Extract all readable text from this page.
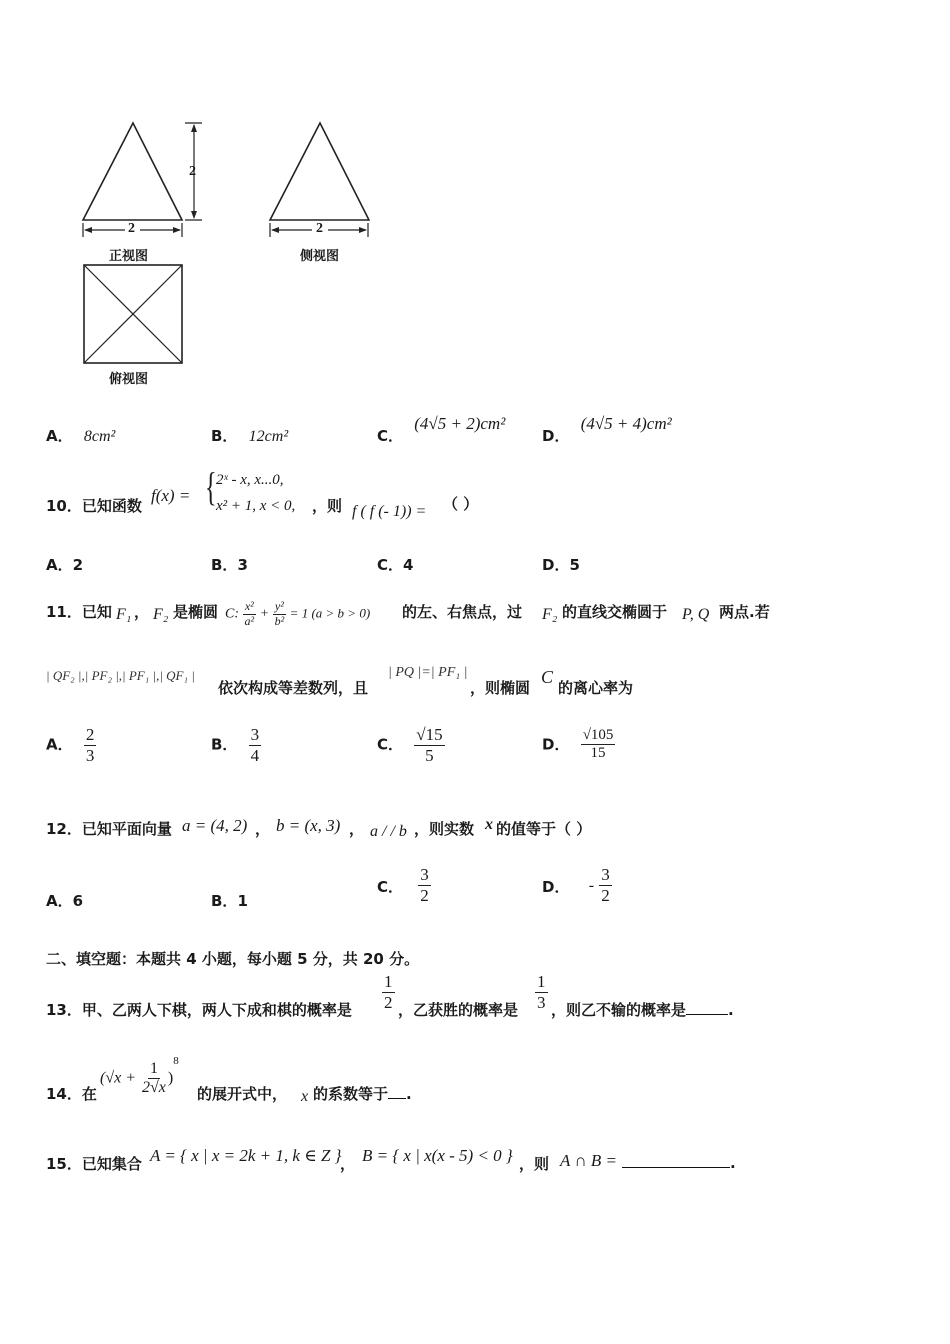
2
2	2
正视图	侧视图
俯视图
A． 8cm²	B． 12cm²	C． (4√5 + 2)cm²
D． (4√5 + 4)cm²
10．已知函数
f(x) = { 2ˣ - x, x...0,
x² + 1, x < 0, ，则 f ( f (- 1)) = （ ）
A．2	B．3	C．4	D．5
11．已知 F₁ ， F₂ 是椭圆 C: $\frac{\text{x²}}{\text{a²}} + \frac{\text{y²}}{\text{b²}} = 1$ (a > b > 0) 的左、右焦点，过 F₂ 的直线交椭圆于 P, Q 两点.若
| QF₂ |,| PF₂ |,| PF₁ |,| QF₁ |
依次构成等差数列，且
| PQ |=| PF₁ |
，则椭圆
C
的离心率为
A． $\frac{2}{3}$	B． $\frac{3}{4}$	C． $\frac{√15}{5}$	D． $\frac{√105}{15}$
12．已知平面向量 a = (4, 2) ， b = (x, 3) ， a / / b ，则实数 x 的值等于（ ）
A．6	B．1
C． $\frac{3}{2}$	D． - $\frac{3}{2}$
二、填空题：本题共 4 小题，每小题 5 分，共 20 分。
13．甲、乙两人下棋，两人下成和棋的概率是 $\frac{1}{2}$ ，乙获胜的概率是 $\frac{1}{3}$ ，则乙不输的概率是	.
14．在
$(√x + \frac{1}{2√x} )^8$
的展开式中， x 的系数等于 .
15．已知集合 A = { x | x = 2k + 1, k ∈ Z }
， B = { x | x(x - 5) < 0 } ，则 A ∩ B =	.
